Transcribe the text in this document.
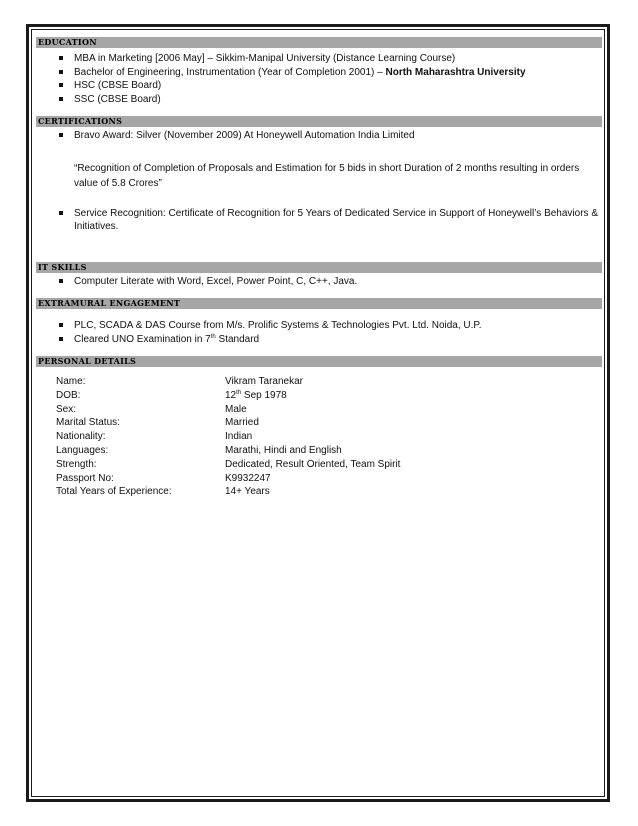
EDUCATION
MBA in Marketing [2006 May] – Sikkim-Manipal University (Distance Learning Course)
Bachelor of Engineering, Instrumentation (Year of Completion 2001) – North Maharashtra University
HSC (CBSE Board)
SSC (CBSE Board)
CERTIFICATIONS
Bravo Award: Silver (November 2009) At Honeywell Automation India Limited
“Recognition of Completion of Proposals and Estimation for 5 bids in short Duration of 2 months resulting in orders value of 5.8 Crores”
Service Recognition: Certificate of Recognition for 5 Years of Dedicated Service in Support of Honeywell’s Behaviors & Initiatives.
IT SKILLS
Computer Literate with Word, Excel, Power Point, C, C++, Java.
EXTRAMURAL ENGAGEMENT
PLC, SCADA & DAS Course from M/s. Prolific Systems & Technologies Pvt. Ltd. Noida, U.P.
Cleared UNO Examination in 7th Standard
PERSONAL DETAILS
Name:	Vikram Taranekar
DOB:	12th Sep 1978
Sex:	Male
Marital Status:	Married
Nationality:	Indian
Languages:	Marathi, Hindi and English
Strength:	Dedicated, Result Oriented, Team Spirit
Passport No:	K9932247
Total Years of Experience:	14+ Years
